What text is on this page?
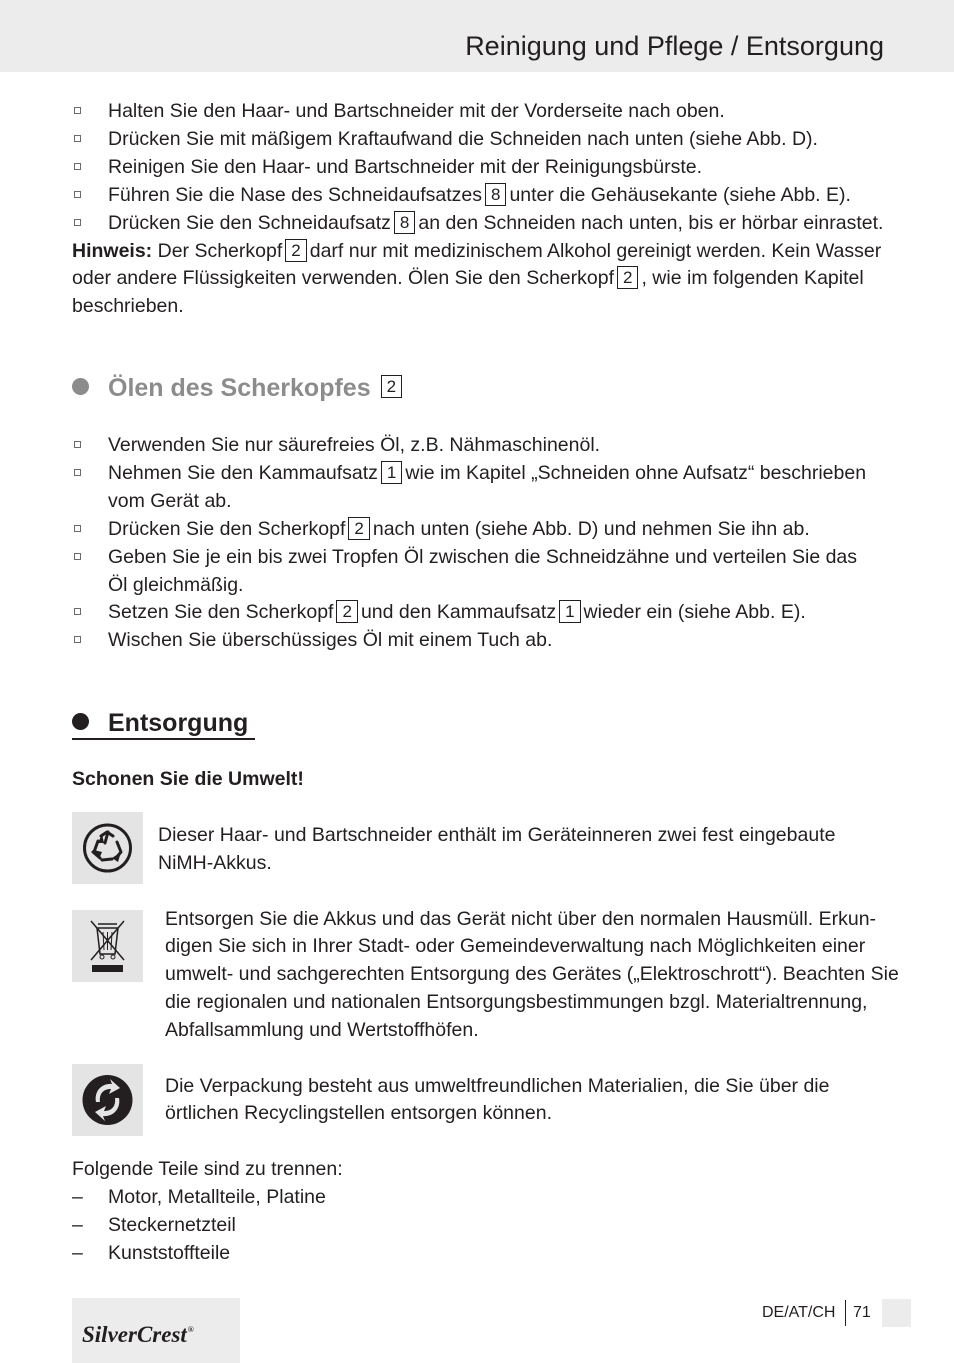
Reinigung und Pflege / Entsorgung
Halten Sie den Haar- und Bartschneider mit der Vorderseite nach oben.
Drücken Sie mit mäßigem Kraftaufwand die Schneiden nach unten (siehe Abb. D).
Reinigen Sie den Haar- und Bartschneider mit der Reinigungsbürste.
Führen Sie die Nase des Schneidaufsatzes 8 unter die Gehäusekante (siehe Abb. E).
Drücken Sie den Schneidaufsatz 8 an den Schneiden nach unten, bis er hörbar einrastet.
Hinweis: Der Scherkopf 2 darf nur mit medizinischem Alkohol gereinigt werden. Kein Wasser
oder andere Flüssigkeiten verwenden. Ölen Sie den Scherkopf 2 , wie im folgenden Kapitel
beschrieben.
Ölen des Scherkopfes 2
Verwenden Sie nur säurefreies Öl, z.B. Nähmaschinenöl.
Nehmen Sie den Kammaufsatz 1 wie im Kapitel „Schneiden ohne Aufsatz“ beschrieben
vom Gerät ab.
Drücken Sie den Scherkopf 2 nach unten (siehe Abb. D) und nehmen Sie ihn ab.
Geben Sie je ein bis zwei Tropfen Öl zwischen die Schneidzähne und verteilen Sie das
Öl gleichmäßig.
Setzen Sie den Scherkopf 2 und den Kammaufsatz 1 wieder ein (siehe Abb. E).
Wischen Sie überschüssiges Öl mit einem Tuch ab.
Entsorgung
Schonen Sie die Umwelt!
Dieser Haar- und Bartschneider enthält im Geräteinneren zwei fest eingebaute
NiMH-Akkus.
Entsorgen Sie die Akkus und das Gerät nicht über den normalen Hausmüll. Erkun-
digen Sie sich in Ihrer Stadt- oder Gemeindeverwaltung nach Möglichkeiten einer
umwelt- und sachgerechten Entsorgung des Gerätes („Elektroschrott“). Beachten Sie
die regionalen und nationalen Entsorgungsbestimmungen bzgl. Materialtrennung,
Abfallsammlung und Wertstoffhöfen.
Die Verpackung besteht aus umweltfreundlichen Materialien, die Sie über die
örtlichen Recyclingstellen entsorgen können.
Folgende Teile sind zu trennen:
– Motor, Metallteile, Platine
– Steckernetzteil
– Kunststoffteile
SilverCrest®
DE/AT/CH 71
